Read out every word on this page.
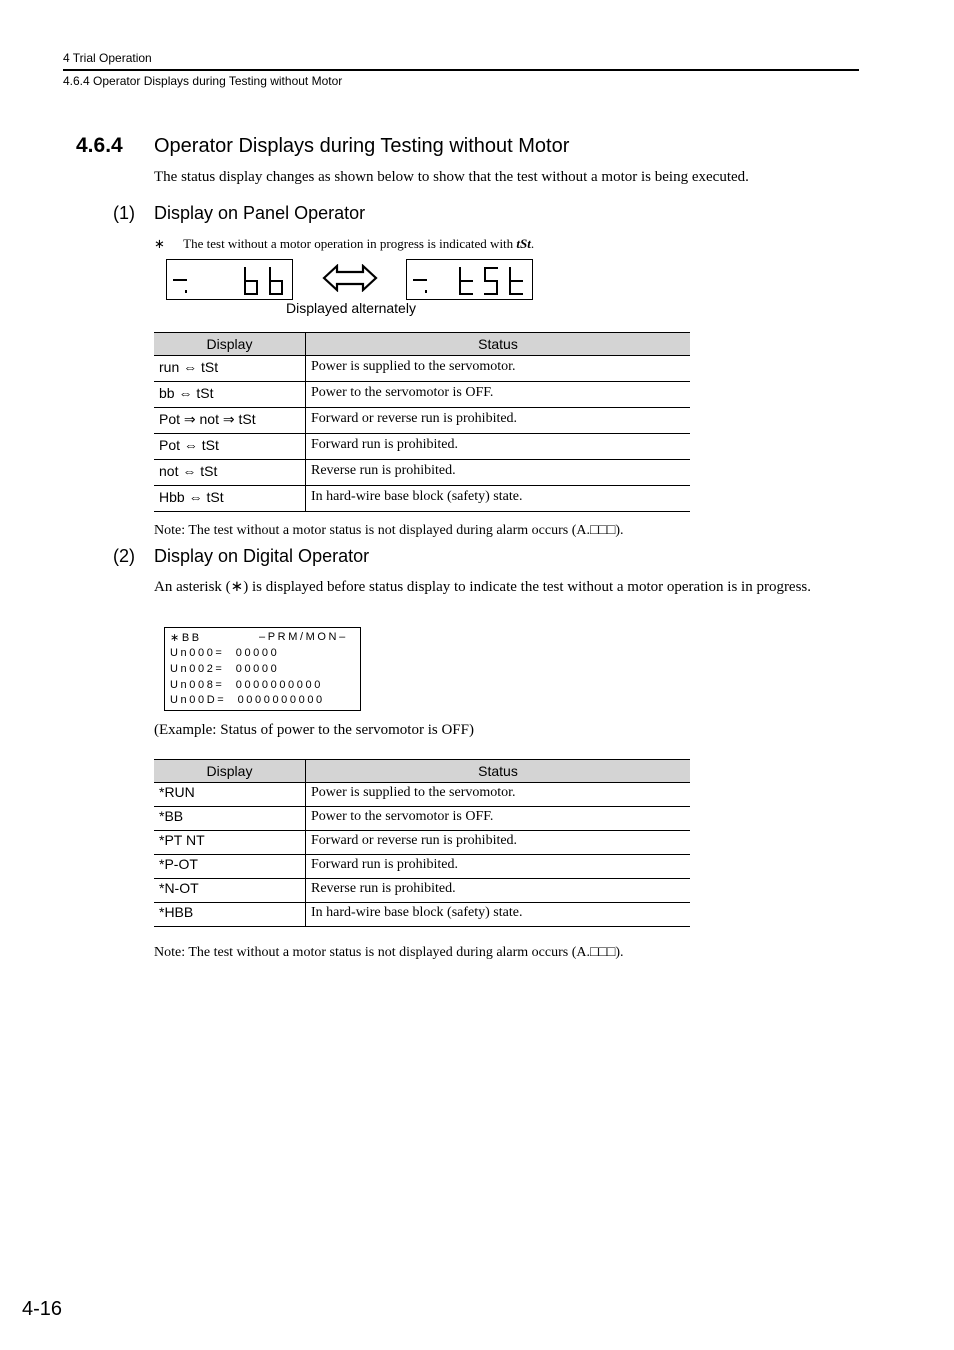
4 Trial Operation
4.6.4 Operator Displays during Testing without Motor
4.6.4 Operator Displays during Testing without Motor
The status display changes as shown below to show that the test without a motor is being executed.
(1) Display on Panel Operator
∗ The test without a motor operation in progress is indicated with tSt.
Displayed alternately
Display	Status
run ⇔ tSt	Power is supplied to the servomotor.
bb ⇔ tSt	Power to the servomotor is OFF.
Pot ⇒ not ⇒ tSt	Forward or reverse run is prohibited.
Pot ⇔ tSt	Forward run is prohibited.
not ⇔ tSt	Reverse run is prohibited.
Hbb ⇔ tSt	In hard-wire base block (safety) state.
Note: The test without a motor status is not displayed during alarm occurs (A.□□□).
(2) Display on Digital Operator
An asterisk (∗) is displayed before status display to indicate the test without a motor operation is in progress.
∗BB	–PRM/MON–
Un000=  00000
Un002=  00000
Un008=  0000000000
Un00D=  0000000000
(Example: Status of power to the servomotor is OFF)
Display	Status
*RUN	Power is supplied to the servomotor.
*BB	Power to the servomotor is OFF.
*PT NT	Forward or reverse run is prohibited.
*P-OT	Forward run is prohibited.
*N-OT	Reverse run is prohibited.
*HBB	In hard-wire base block (safety) state.
Note: The test without a motor status is not displayed during alarm occurs (A.□□□).
4-16
